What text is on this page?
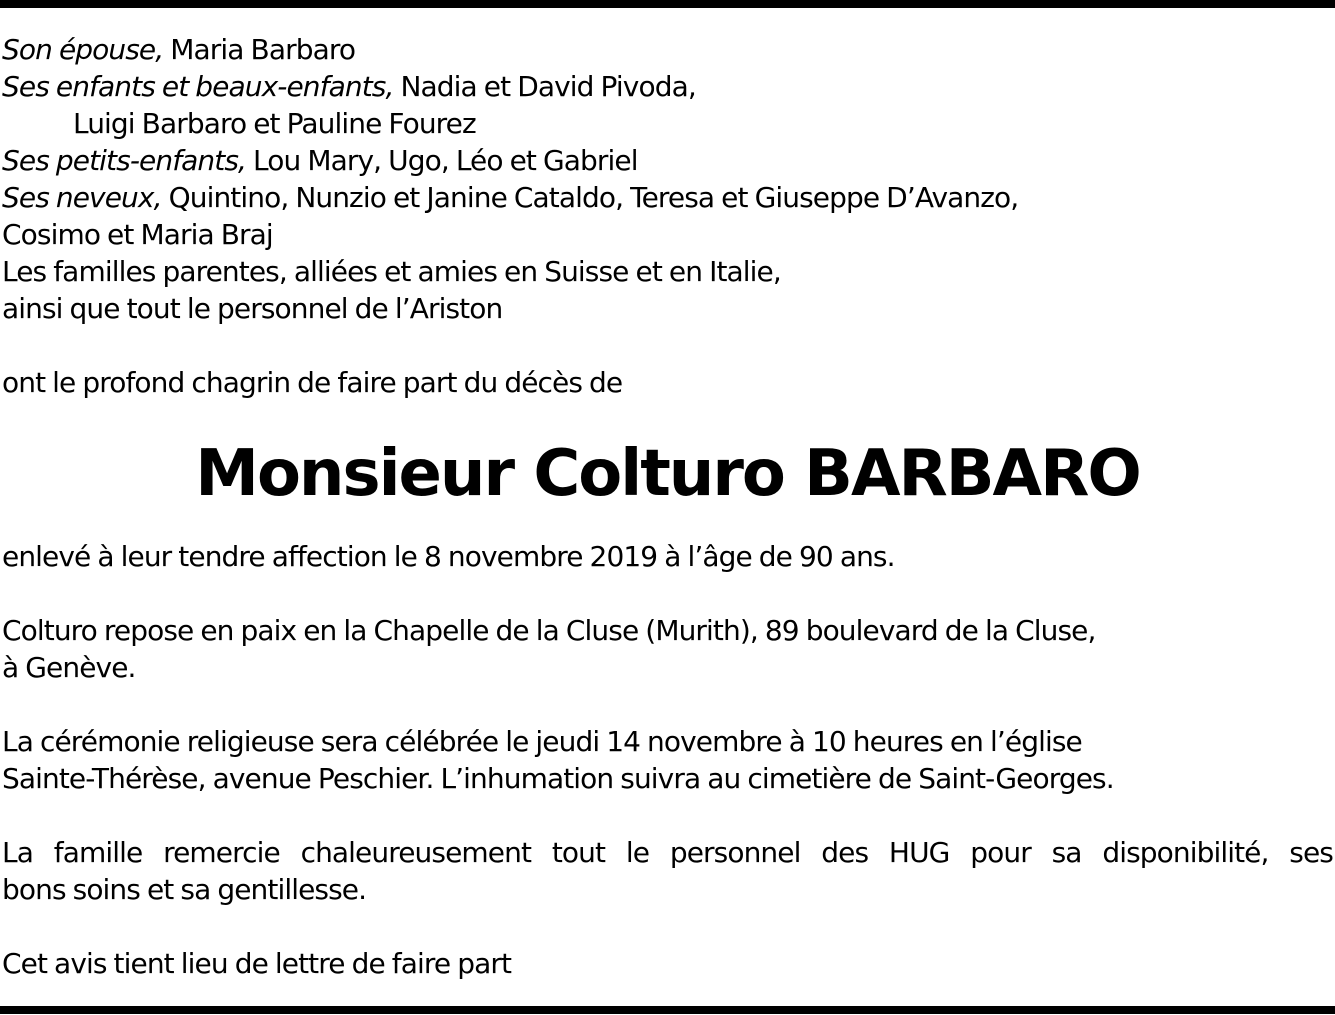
Son épouse, Maria Barbaro
Ses enfants et beaux-enfants, Nadia et David Pivoda,
Luigi Barbaro et Pauline Fourez
Ses petits-enfants, Lou Mary, Ugo, Léo et Gabriel
Ses neveux, Quintino, Nunzio et Janine Cataldo, Teresa et Giuseppe D’Avanzo,
Cosimo et Maria Braj
Les familles parentes, alliées et amies en Suisse et en Italie,
ainsi que tout le personnel de l’Ariston
ont le profond chagrin de faire part du décès de
Monsieur Colturo BARBARO
enlevé à leur tendre affection le 8 novembre 2019 à l’âge de 90 ans.
Colturo repose en paix en la Chapelle de la Cluse (Murith), 89 boulevard de la Cluse,
à Genève.
La cérémonie religieuse sera célébrée le jeudi 14 novembre à 10 heures en l’église
Sainte-Thérèse, avenue Peschier. L’inhumation suivra au cimetière de Saint-Georges.
La famille remercie chaleureusement tout le personnel des HUG pour sa disponibilité, ses
bons soins et sa gentillesse.
Cet avis tient lieu de lettre de faire part
